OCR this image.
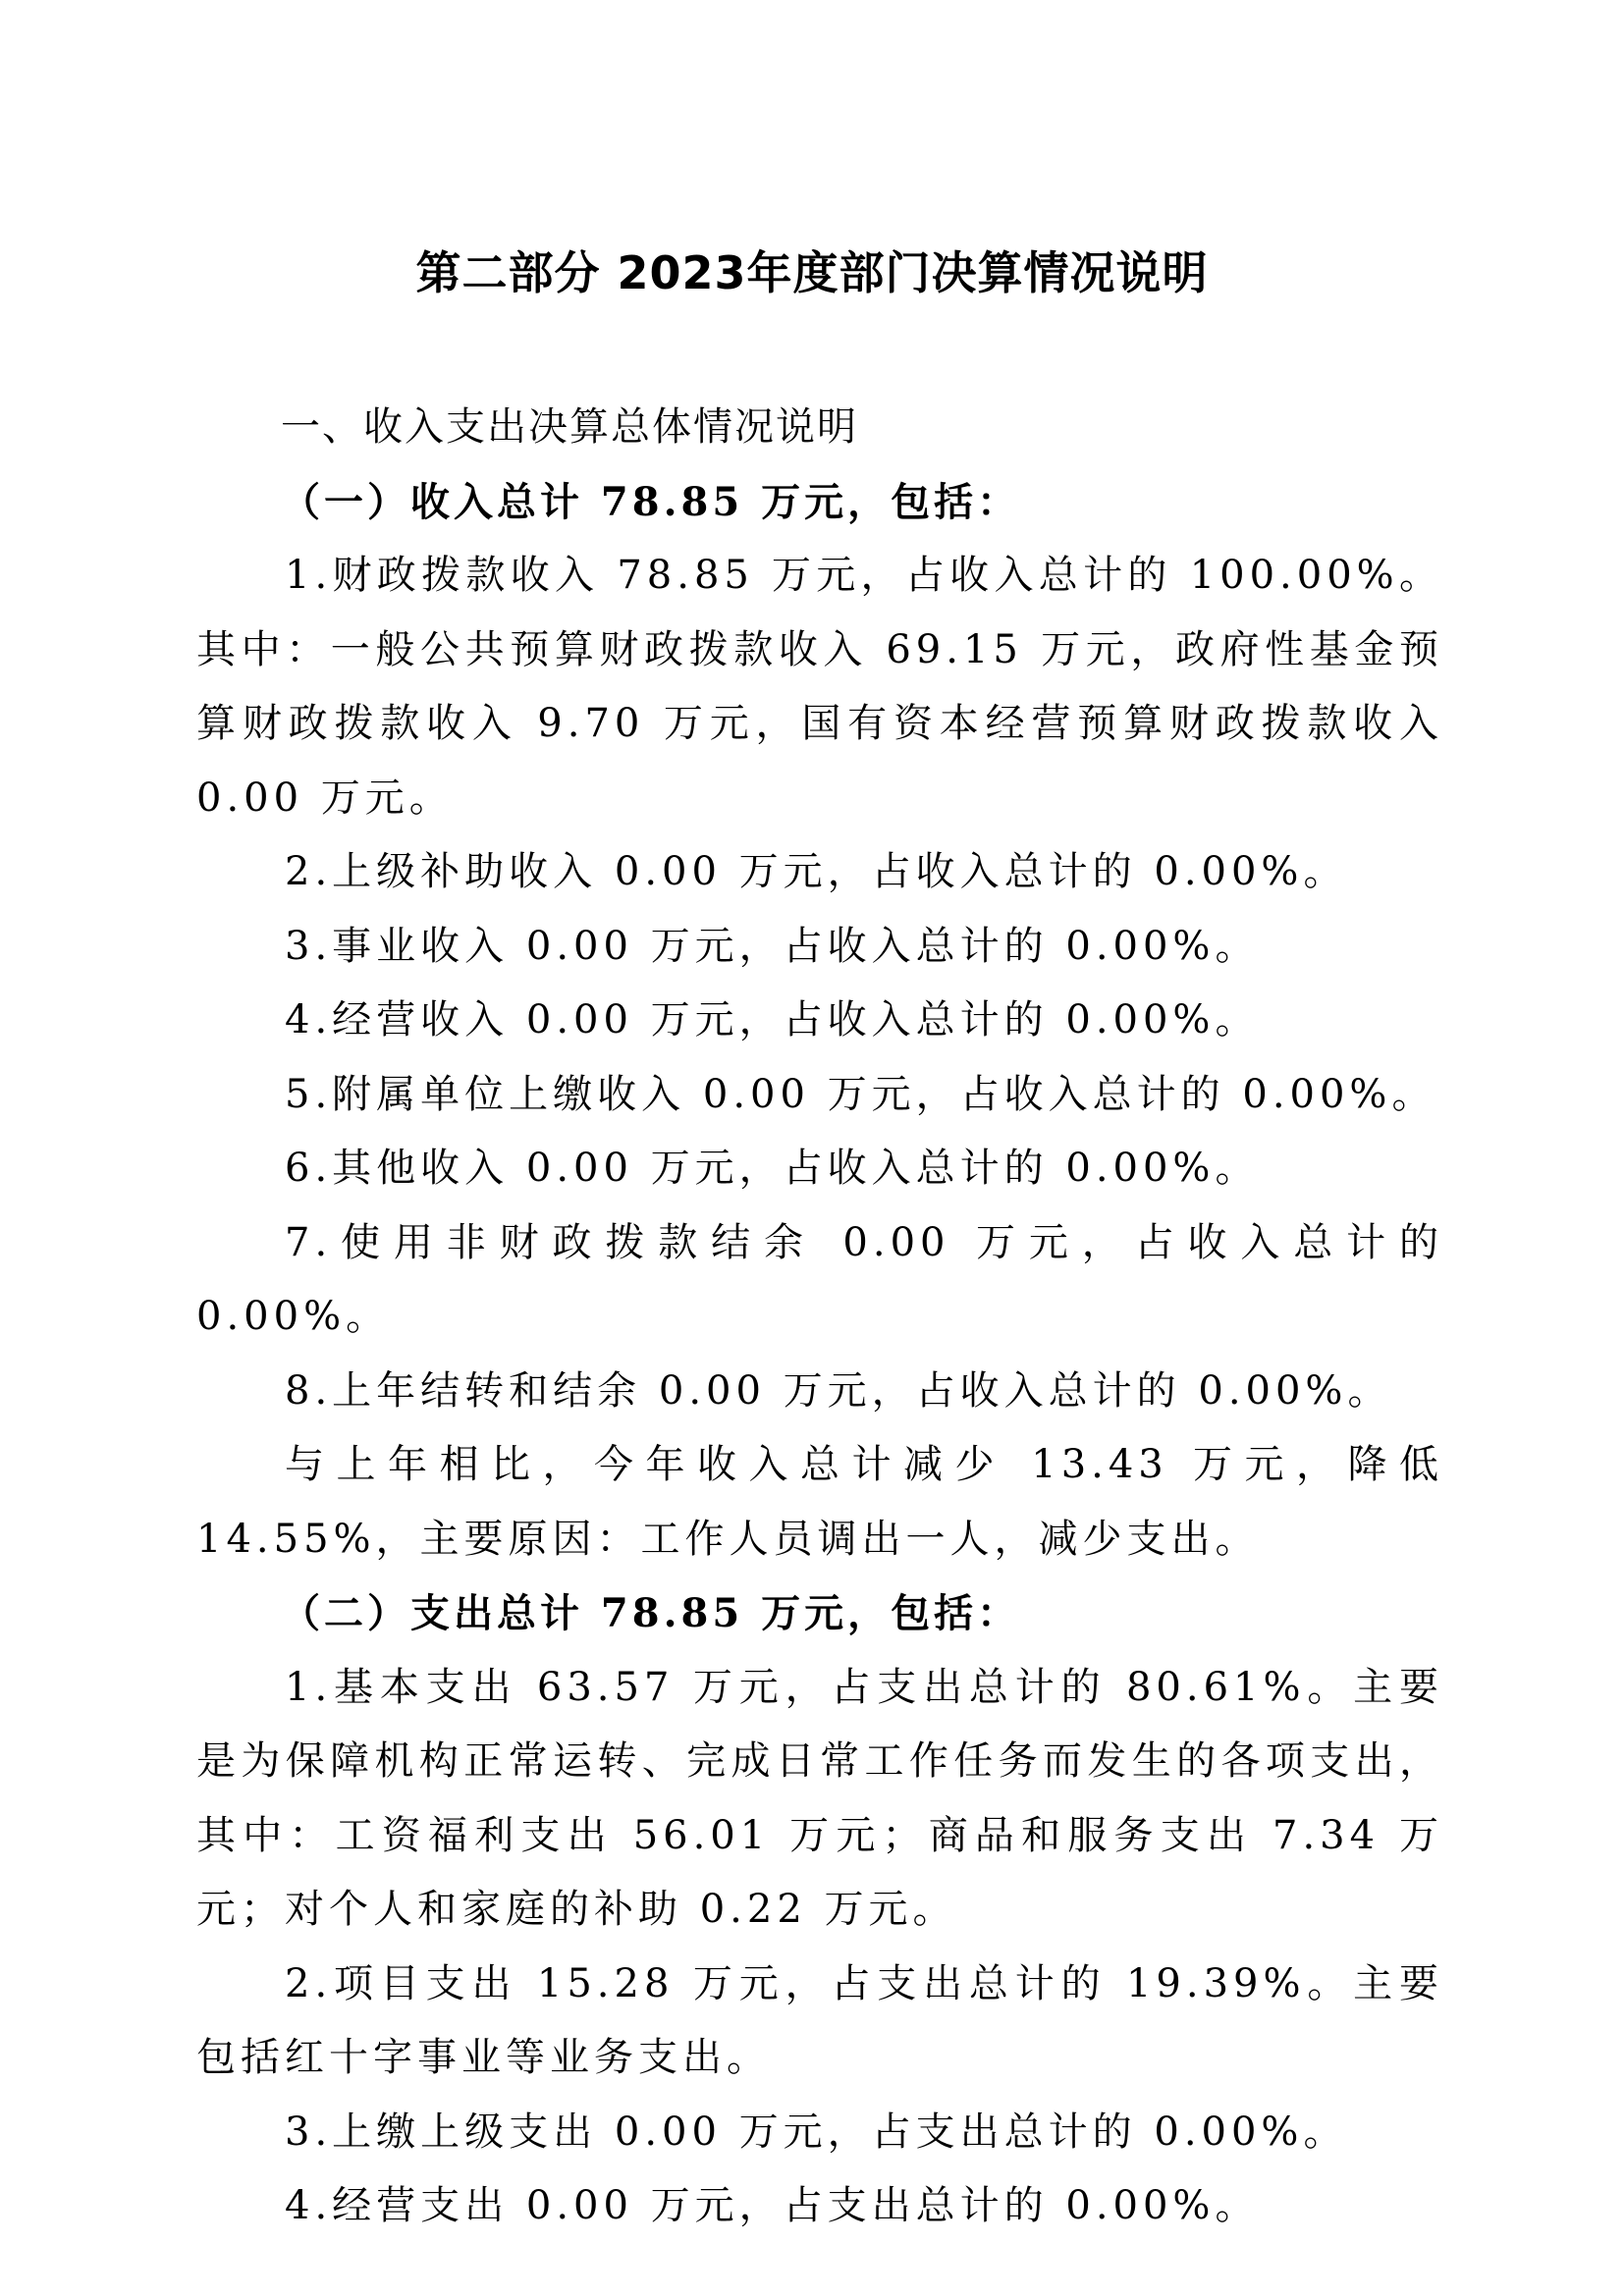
第二部分 2023年度部门决算情况说明

一、收入支出决算总体情况说明

（一）收入总计 78.85 万元，包括：

1.财政拨款收入 78.85 万元，占收入总计的 100.00%。其中：一般公共预算财政拨款收入 69.15 万元，政府性基金预算财政拨款收入 9.70 万元，国有资本经营预算财政拨款收入 0.00 万元。

2.上级补助收入 0.00 万元，占收入总计的 0.00%。

3.事业收入 0.00 万元，占收入总计的 0.00%。

4.经营收入 0.00 万元，占收入总计的 0.00%。

5.附属单位上缴收入 0.00 万元，占收入总计的 0.00%。

6.其他收入 0.00 万元，占收入总计的 0.00%。

7.使用非财政拨款结余 0.00 万元，占收入总计的 0.00%。

8.上年结转和结余 0.00 万元，占收入总计的 0.00%。

与上年相比，今年收入总计减少 13.43 万元，降低 14.55%，主要原因：工作人员调出一人，减少支出。

（二）支出总计 78.85 万元，包括：

1.基本支出 63.57 万元，占支出总计的 80.61%。主要是为保障机构正常运转、完成日常工作任务而发生的各项支出，其中：工资福利支出 56.01 万元；商品和服务支出 7.34 万元；对个人和家庭的补助 0.22 万元。

2.项目支出 15.28 万元，占支出总计的 19.39%。主要包括红十字事业等业务支出。

3.上缴上级支出 0.00 万元，占支出总计的 0.00%。

4.经营支出 0.00 万元，占支出总计的 0.00%。
